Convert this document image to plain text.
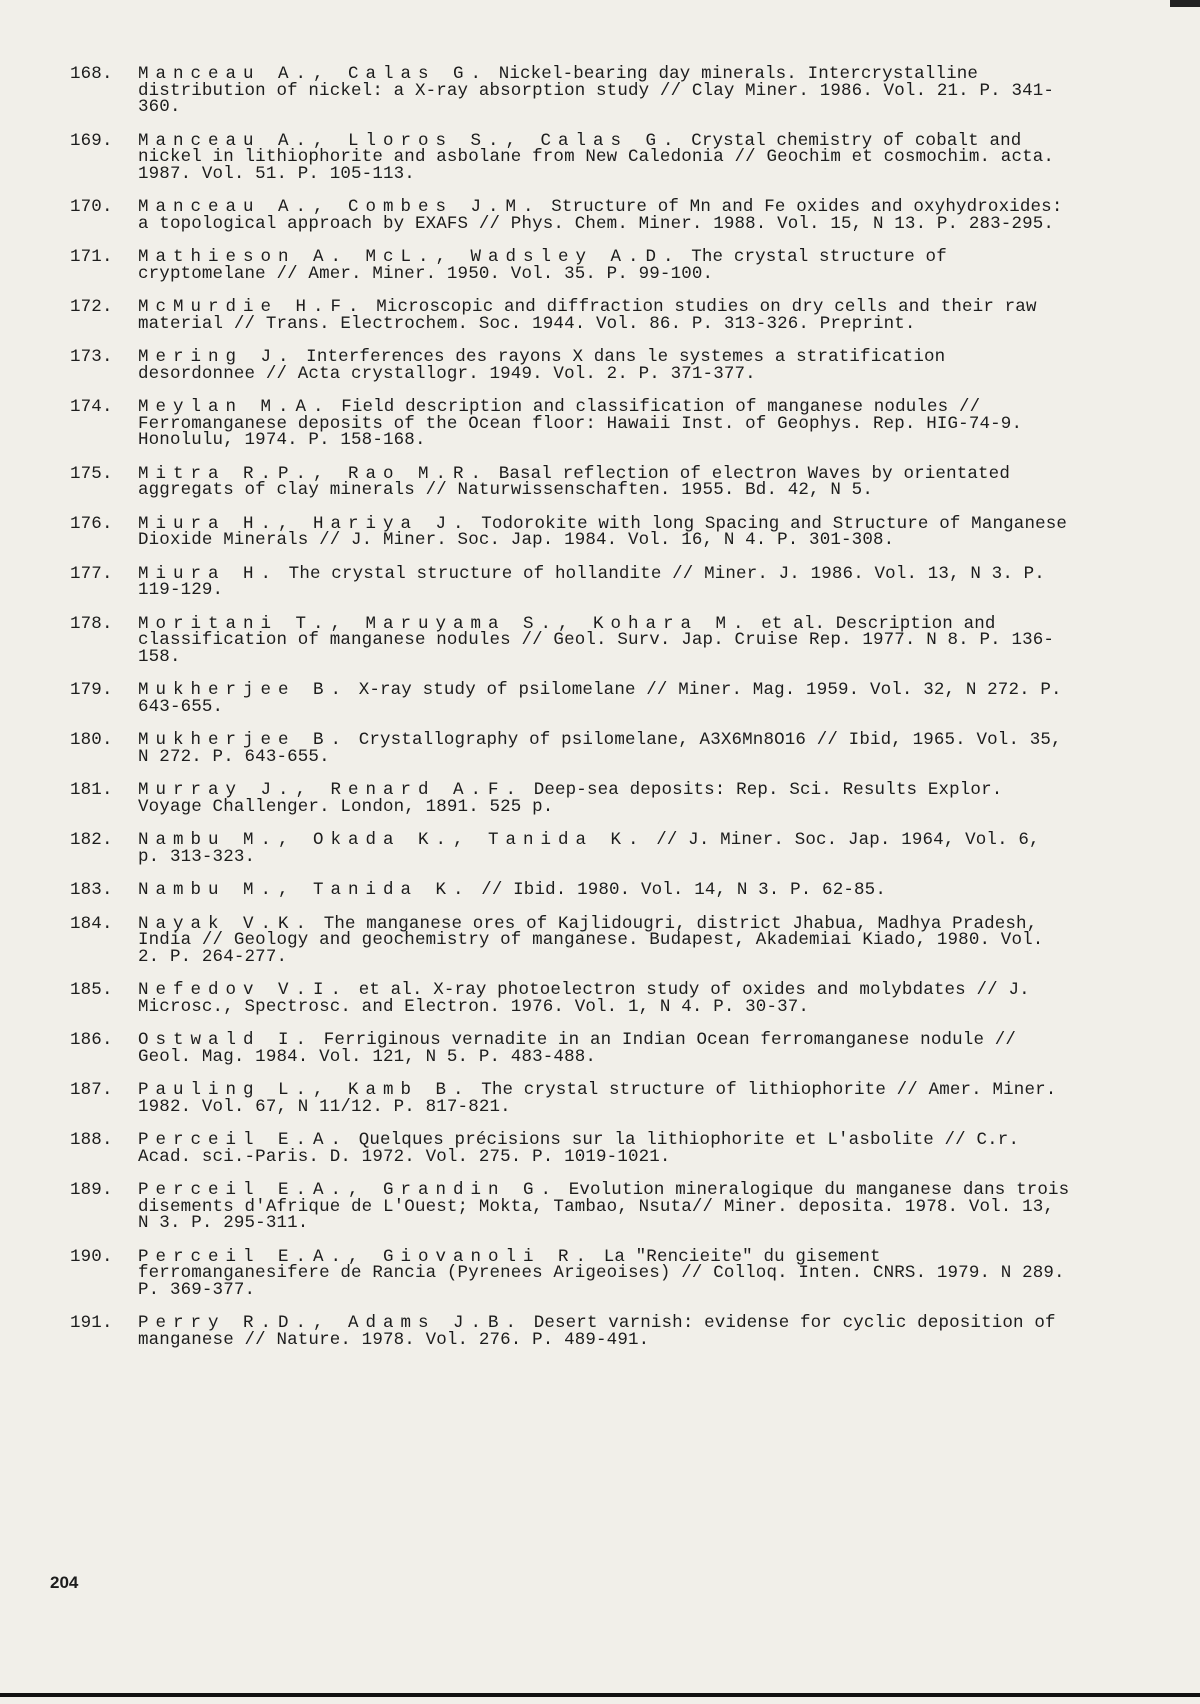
168. Manceau A., Calas G. Nickel-bearing day minerals. Intercrystalline distribution of nickel: a X-ray absorption study // Clay Miner. 1986. Vol. 21. P. 341-360.
169. Manceau A., Lloros S., Calas G. Crystal chemistry of cobalt and nickel in lithiophorite and asbolane from New Caledonia // Geochim et cosmochim. acta. 1987. Vol. 51. P. 105-113.
170. Manceau A., Combes J.M. Structure of Mn and Fe oxides and oxyhydroxides: a topological approach by EXAFS // Phys. Chem. Miner. 1988. Vol. 15, N 13. P. 283-295.
171. Mathieson A. McL., Wadsley A.D. The crystal structure of cryptomelane // Amer. Miner. 1950. Vol. 35. P. 99-100.
172. McMurdie H.F. Microscopic and diffraction studies on dry cells and their raw material // Trans. Electrochem. Soc. 1944. Vol. 86. P. 313-326. Preprint.
173. Mering J. Interferences des rayons X dans le systemes a stratification desordonnee // Acta crystallogr. 1949. Vol. 2. P. 371-377.
174. Meylan M.A. Field description and classification of manganese nodules // Ferromanganese deposits of the Ocean floor: Hawaii Inst. of Geophys. Rep. HIG-74-9. Honolulu, 1974. P. 158-168.
175. Mitra R.P., Rao M.R. Basal reflection of electron Waves by orientated aggregats of clay minerals // Naturwissenschaften. 1955. Bd. 42, N 5.
176. Miura H., Hariya J. Todorokite with long Spacing and Structure of Manganese Dioxide Minerals // J. Miner. Soc. Jap. 1984. Vol. 16, N 4. P. 301-308.
177. Miura H. The crystal structure of hollandite // Miner. J. 1986. Vol. 13, N 3. P. 119-129.
178. Moritani T., Maruyama S., Kohara M. et al. Description and classification of manganese nodules // Geol. Surv. Jap. Cruise Rep. 1977. N 8. P. 136-158.
179. Mukherjee B. X-ray study of psilomelane // Miner. Mag. 1959. Vol. 32, N 272. P. 643-655.
180. Mukherjee B. Crystallography of psilomelane, A3X6Mn8O16 // Ibid, 1965. Vol. 35, N 272. P. 643-655.
181. Murray J., Renard A.F. Deep-sea deposits: Rep. Sci. Results Explor. Voyage Challenger. London, 1891. 525 p.
182. Nambu M., Okada K., Tanida K. // J. Miner. Soc. Jap. 1964, Vol. 6, p. 313-323.
183. Nambu M., Tanida K. // Ibid. 1980. Vol. 14, N 3. P. 62-85.
184. Nayak V.K. The manganese ores of Kajlidougri, district Jhabua, Madhya Pradesh, India // Geology and geochemistry of manganese. Budapest, Akademiai Kiado, 1980. Vol. 2. P. 264-277.
185. Nefedov V.I. et al. X-ray photoelectron study of oxides and molybdates // J. Microsc., Spectrosc. and Electron. 1976. Vol. 1, N 4. P. 30-37.
186. Ostwald I. Ferriginous vernadite in an Indian Ocean ferromanganese nodule // Geol. Mag. 1984. Vol. 121, N 5. P. 483-488.
187. Pauling L., Kamb B. The crystal structure of lithiophorite // Amer. Miner. 1982. Vol. 67, N 11/12. P. 817-821.
188. Perceil E.A. Quelques précisions sur la lithiophorite et L'asbolite // C.r. Acad. sci.-Paris. D. 1972. Vol. 275. P. 1019-1021.
189. Perceil E.A., Grandin G. Evolution mineralogique du manganese dans trois disements d'Afrique de L'Ouest; Mokta, Tambao, Nsuta// Miner. deposita. 1978. Vol. 13, N 3. P. 295-311.
190. Perceil E.A., Giovanoli R. La "Rencieite" du gisement ferromanganesifere de Rancia (Pyrenees Arigeoises) // Colloq. Inten. CNRS. 1979. N 289. P. 369-377.
191. Perry R.D., Adams J.B. Desert varnish: evidense for cyclic deposition of manganese // Nature. 1978. Vol. 276. P. 489-491.
204
